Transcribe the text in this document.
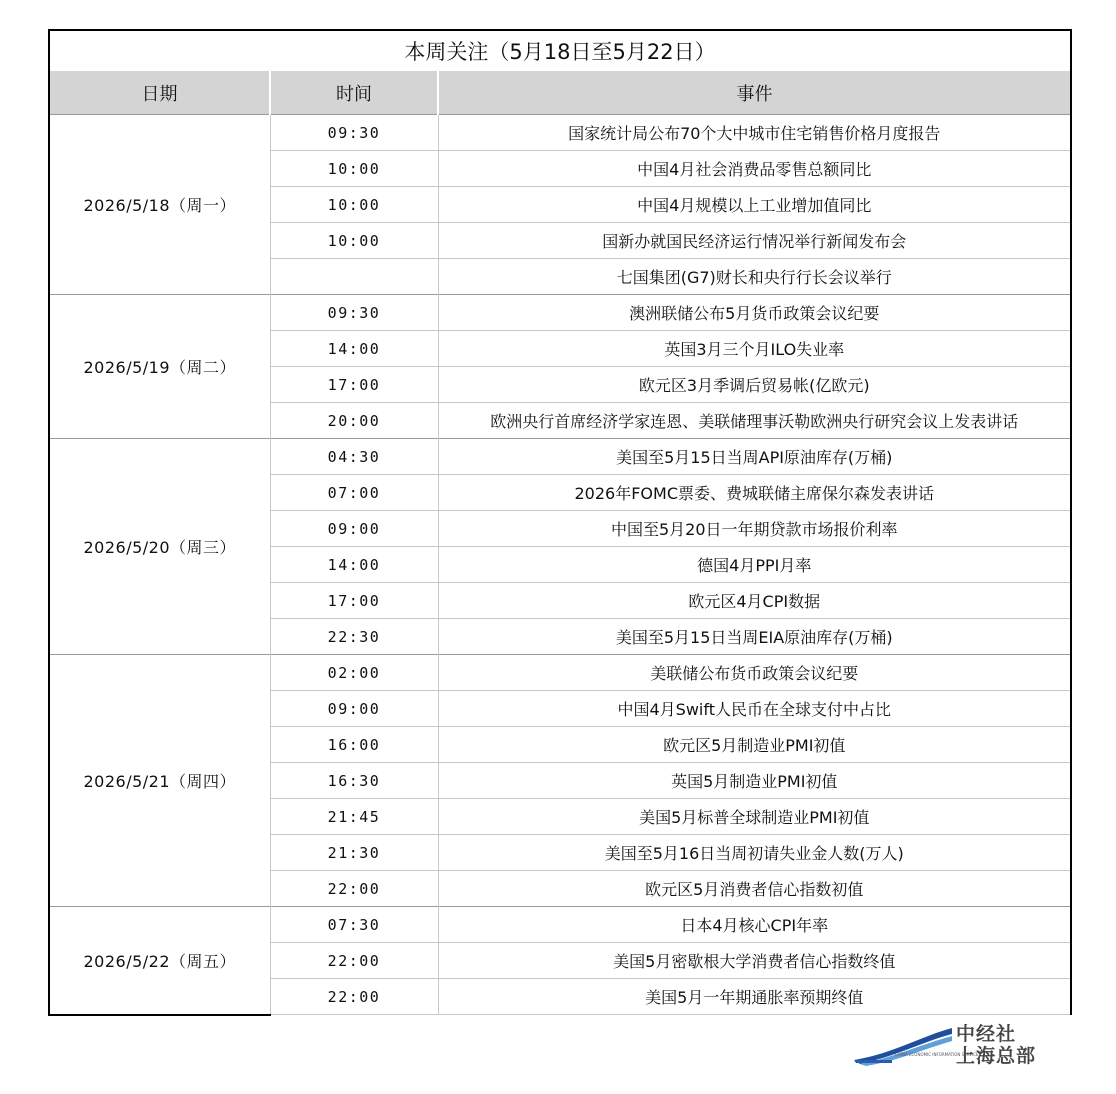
本周关注（5月18日至5月22日）		
日期	时间	事件
2026/5/18（周一）	09:30	国家统计局公布70个大中城市住宅销售价格月度报告
	10:00	中国4月社会消费品零售总额同比
	10:00	中国4月规模以上工业增加值同比
	10:00	国新办就国民经济运行情况举行新闻发布会
		七国集团(G7)财长和央行行长会议举行
2026/5/19（周二）	09:30	澳洲联储公布5月货币政策会议纪要
	14:00	英国3月三个月ILO失业率
	17:00	欧元区3月季调后贸易帐(亿欧元)
	20:00	欧洲央行首席经济学家连恩、美联储理事沃勒欧洲央行研究会议上发表讲话
2026/5/20（周三）	04:30	美国至5月15日当周API原油库存(万桶)
	07:00	2026年FOMC票委、费城联储主席保尔森发表讲话
	09:00	中国至5月20日一年期贷款市场报价利率
	14:00	德国4月PPI月率
	17:00	欧元区4月CPI数据
	22:30	美国至5月15日当周EIA原油库存(万桶)
2026/5/21（周四）	02:00	美联储公布货币政策会议纪要
	09:00	中国4月Swift人民币在全球支付中占比
	16:00	欧元区5月制造业PMI初值
	16:30	英国5月制造业PMI初值
	21:45	美国5月标普全球制造业PMI初值
	21:30	美国至5月16日当周初请失业金人数(万人)
	22:00	欧元区5月消费者信心指数初值
2026/5/22（周五）	07:30	日本4月核心CPI年率
	22:00	美国5月密歇根大学消费者信心指数终值
	22:00	美国5月一年期通胀率预期终值
中经社
上海总部
CHINA ECONOMIC INFORMATION SERVICE
